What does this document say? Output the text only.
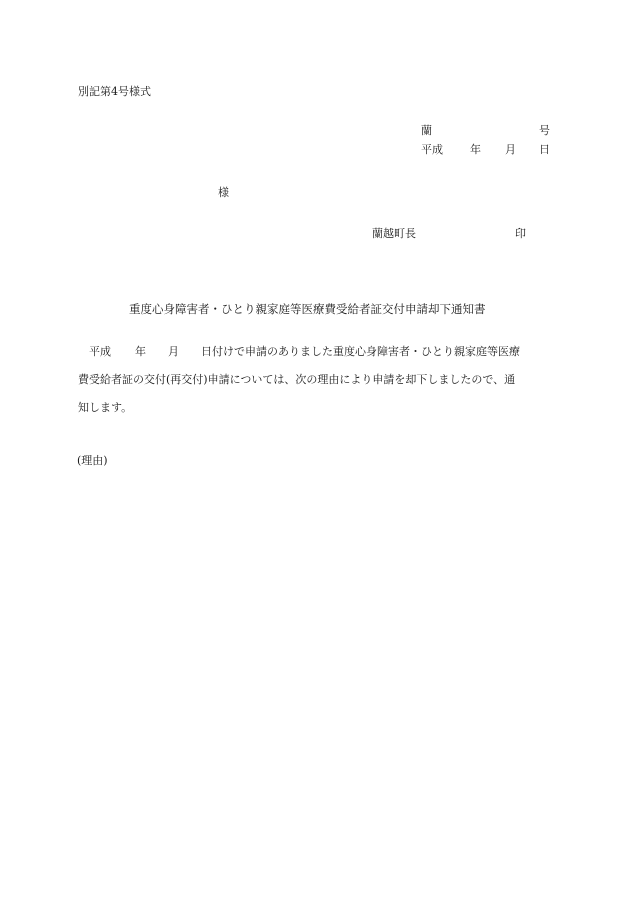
別記第4号様式
蘭	号
平成 年 月 日
様
蘭越町長	印
重度心身障害者・ひとり親家庭等医療費受給者証交付申請却下通知書
平成 年 月 日付けで申請のありました重度心身障害者・ひとり親家庭等医療
費受給者証の交付(再交付)申請については、次の理由により申請を却下しましたので、通
知します。
(理由)
